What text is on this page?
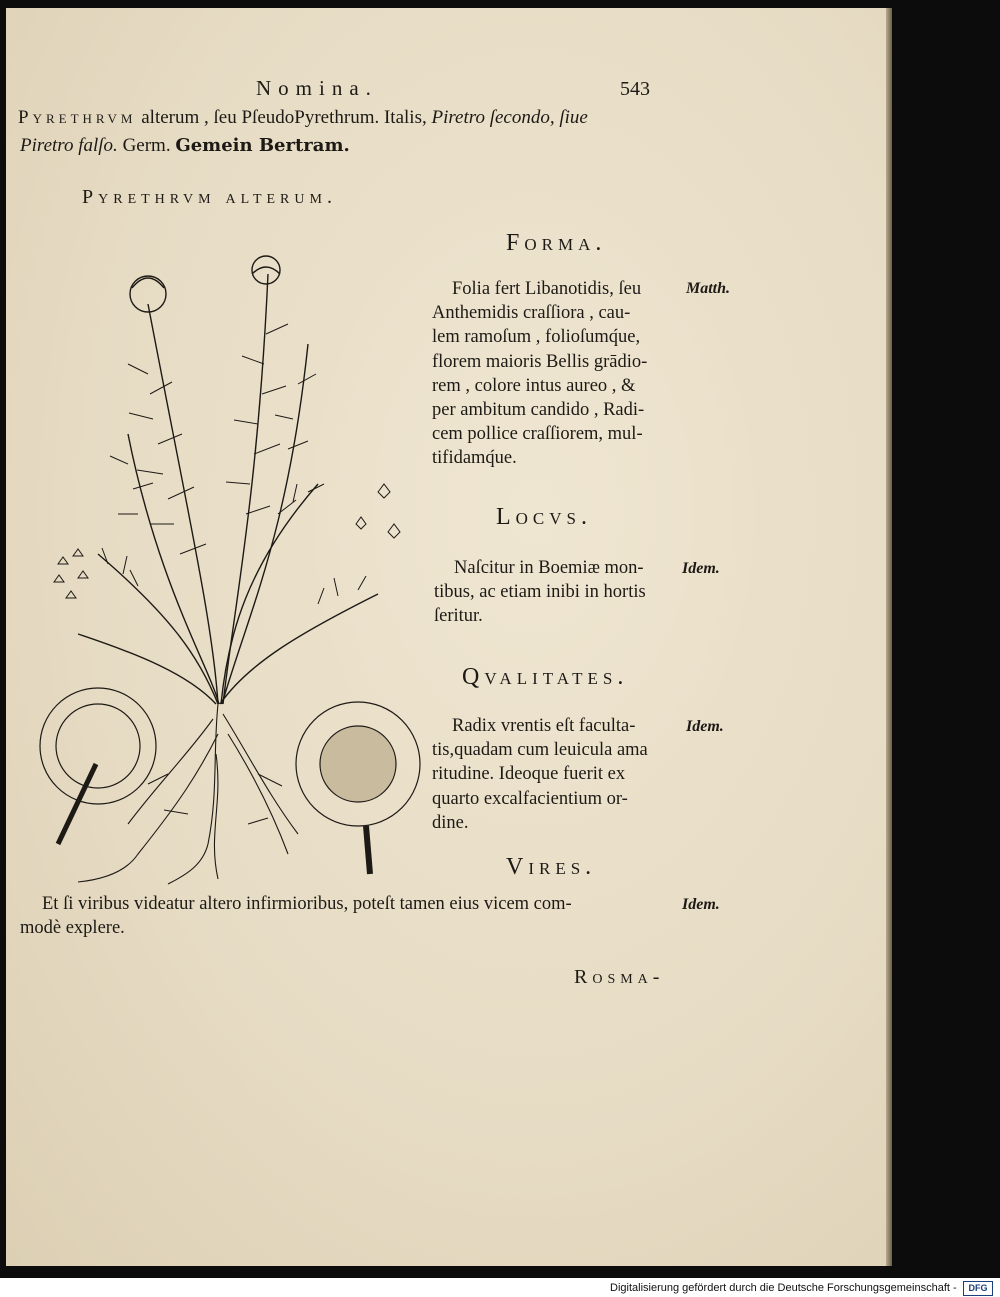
Nomina.	543
Pyrethrvm alterum , ſeu PſeudoPyrethrum. Italis, Piretro ſecondo, ſiue
Piretro falſo. Germ. Gemein Bertram.
Pyrethrvm alterum.
Forma.
Folia fert Libanotidis, ſeu
Anthemidis craſſiora , cau-
lem ramoſum , folioſumq́ue,
florem maioris Bellis grādio-
rem , colore intus aureo , &
per ambitum candido , Radi-
cem pollice craſſiorem, mul-
tifidamq́ue.
Matth.
Locvs.
Naſcitur in Boemiæ mon-
tibus, ac etiam inibi in hortis
ſeritur.
Idem.
Qvalitates.
Radix vrentis eſt faculta-
tis,quadam cum leuicula ama
ritudine. Ideoque fuerit ex
quarto excalfacientium or-
dine.
Idem.
Vires.
Et ſi viribus videatur altero infirmioribus, poteſt tamen eius vicem com-
modè explere.
Idem.
Rosma-
Digitalisierung gefördert durch die Deutsche Forschungsgemeinschaft -	DFG
